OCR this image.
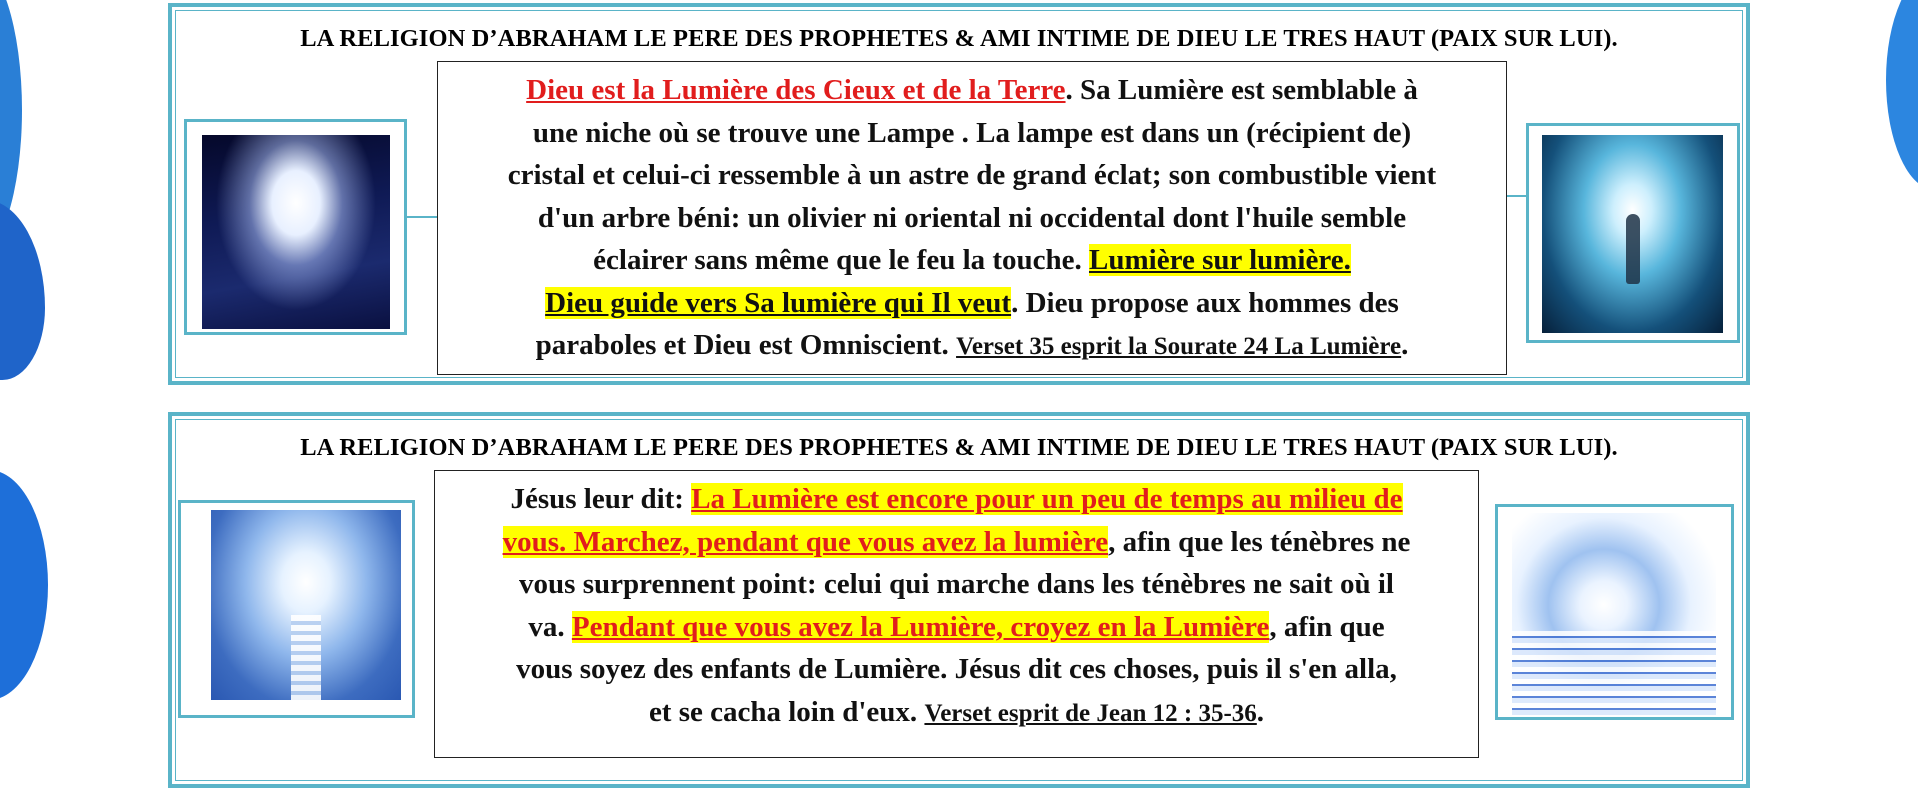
LA RELIGION D’ABRAHAM LE PERE DES PROPHETES & AMI INTIME DE DIEU LE TRES HAUT (PAIX SUR LUI).
Dieu est la Lumière des Cieux et de la Terre. Sa Lumière est semblable à
une niche où se trouve une Lampe . La lampe est dans un (récipient de)
cristal et celui-ci ressemble à un astre de grand éclat; son combustible vient
d'un arbre béni: un olivier ni oriental ni occidental dont l'huile semble
éclairer sans même que le feu la touche. Lumière sur lumière.
Dieu guide vers Sa lumière qui Il veut. Dieu propose aux hommes des
paraboles et Dieu est Omniscient. Verset 35 esprit la Sourate 24 La Lumière.
LA RELIGION D’ABRAHAM LE PERE DES PROPHETES & AMI INTIME DE DIEU LE TRES HAUT (PAIX SUR LUI).
Jésus leur dit: La Lumière est encore pour un peu de temps au milieu de
vous. Marchez, pendant que vous avez la lumière, afin que les ténèbres ne
vous surprennent point: celui qui marche dans les ténèbres ne sait où il
va. Pendant que vous avez la Lumière, croyez en la Lumière, afin que
vous soyez des enfants de Lumière. Jésus dit ces choses, puis il s'en alla,
et se cacha loin d'eux. Verset esprit de Jean 12 : 35-36.
